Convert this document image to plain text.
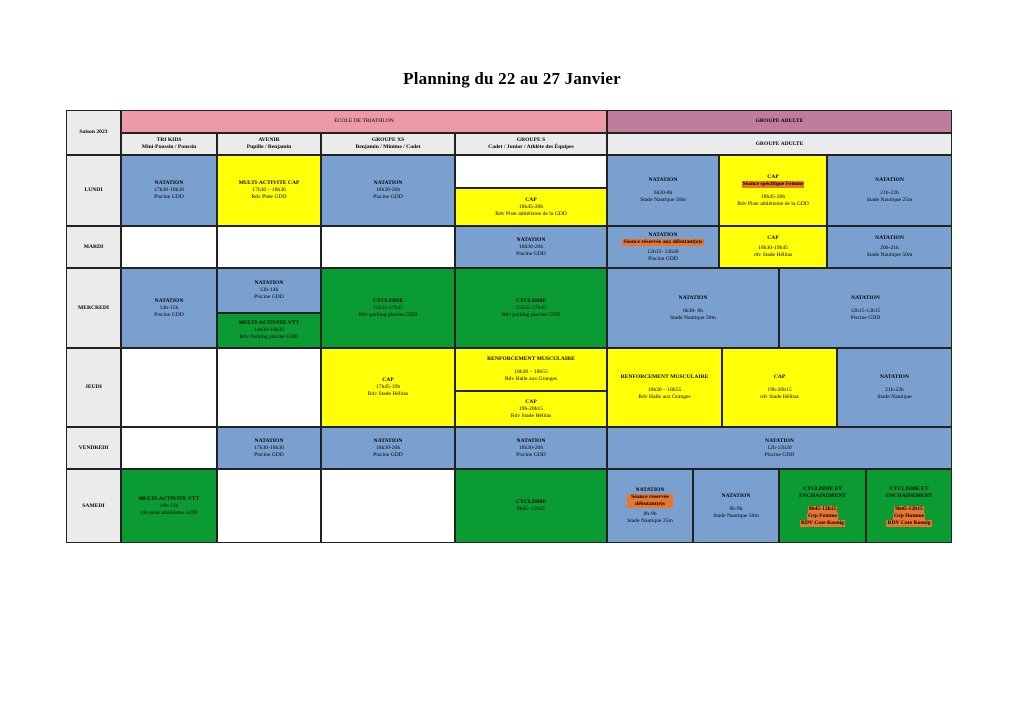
Planning du 22 au 27 Janvier
Saison 2023
ÉCOLE DE TRIATHLON	GROUPE ADULTE
TRI KIDS
Mini-Poussin / Poussin
AVENIR
Pupille / Benjamin
GROUPE XS
Benjamin / Minime / Cadet
GROUPE S
Cadet / Junior / Athlète des Équipes
GROUPE ADULTE
LUNDI
MARDI
MERCREDI
JEUDI
VENDREDI
SAMEDI
NATATION
17h30-18h30
Piscine GDD
MULTI-ACTIVITE CAP
17h30 – 18h30
Rdv Piste GDD
NATATION
18h30-20h
Piscine GDD	CAP
18h45-20h
Rdv Piste athlétisme de la GDD
NATATION
6h30-8h
Stade Nautique 50m
CAP
Séance spécifique Femme
18h45-20h
Rdv Piste athlétisme de la GDD
NATATION
21h-22h
Stade Nautique 25m
NATATION
18h30-20h
Piscine GDD
NATATION
Séance réservée aux débutant(e)s
12h15- 13h30
Piscine GDD
CAP
18h30-19h45
rdv Stade Hélitas
NATATION
20h-21h
Stade Nautique 50m
NATATION
14h-15h
Piscine GDD
NATATION
13h-14h
Piscine GDD
MULTI-ACTIVITE VTT
14h30-16h30
Rdv Parking piscine GDD
CYCLISME
15h15-17h45
Rdv parking piscine GDD
CYCLISME
15h15-17h45
Rdv parking piscine GDD
NATATION
6h30- 8h
Stade Nautique 50m
NATATION
12h15-13h15
Piscine GDD
CAP
17h45-19h
Rdv Stade Hélitas
RENFORCEMENT MUSCULAIRE
18h30 – 18h55
Rdv Halle aux Granges
CAP
19h-20h15
Rdv Stade Hélitas
RENFORCEMENT MUSCULAIRE
18h30 – 18h55
Rdv Halle aux Granges
CAP
19h-20h15
rdv Stade Hélitas
NATATION
21h-22h
Stade Nautique
NATATION
17h30-18h30
Piscine GDD
NATATION
18h30-20h
Piscine GDD
NATATION
18h30-20h
Piscine GDD
NATATION
12h-13h30
Piscine GDD
MULTI-ACTIVITE VTT
10h-12h
rdv piste athlétisme GDD
CYCLISME
9h45- 12h15
NATATION
Séance réservée débutant(e)s
8h-9h
Stade Nautique 25m
NATATION
8h-9h
Stade Nautique 50m
CYCLISME ET ENCHAINEMENT
9h45-12h15
Grp Femme
RDV Cote Koenig
CYCLISME ET ENCHAINEMENT
9h45-12h15
Grp Homme
RDV Cote Koenig
